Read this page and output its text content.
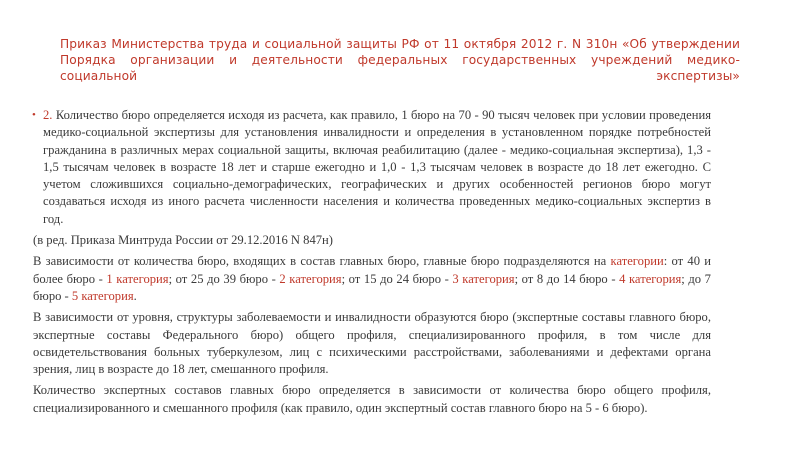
Приказ Министерства труда и социальной защиты РФ от 11 октября 2012 г. N 310н «Об утверждении Порядка организации и деятельности федеральных государственных учреждений медико-социальной экспертизы»

• 2. Количество бюро определяется исходя из расчета, как правило, 1 бюро на 70 - 90 тысяч человек при условии проведения медико-социальной экспертизы для установления инвалидности и определения в установленном порядке потребностей гражданина в различных мерах социальной защиты, включая реабилитацию (далее - медико-социальная экспертиза), 1,3 - 1,5 тысячам человек в возрасте 18 лет и старше ежегодно и 1,0 - 1,3 тысячам человек в возрасте до 18 лет ежегодно. С учетом сложившихся социально-демографических, географических и других особенностей регионов бюро могут создаваться исходя из иного расчета численности населения и количества проведенных медико-социальных экспертиз в год.

(в ред. Приказа Минтруда России от 29.12.2016 N 847н)

В зависимости от количества бюро, входящих в состав главных бюро, главные бюро подразделяются на категории: от 40 и более бюро - 1 категория; от 25 до 39 бюро - 2 категория; от 15 до 24 бюро - 3 категория; от 8 до 14 бюро - 4 категория; до 7 бюро - 5 категория.

В зависимости от уровня, структуры заболеваемости и инвалидности образуются бюро (экспертные составы главного бюро, экспертные составы Федерального бюро) общего профиля, специализированного профиля, в том числе для освидетельствования больных туберкулезом, лиц с психическими расстройствами, заболеваниями и дефектами органа зрения, лиц в возрасте до 18 лет, смешанного профиля.

Количество экспертных составов главных бюро определяется в зависимости от количества бюро общего профиля, специализированного и смешанного профиля (как правило, один экспертный состав главного бюро на 5 - 6 бюро).
